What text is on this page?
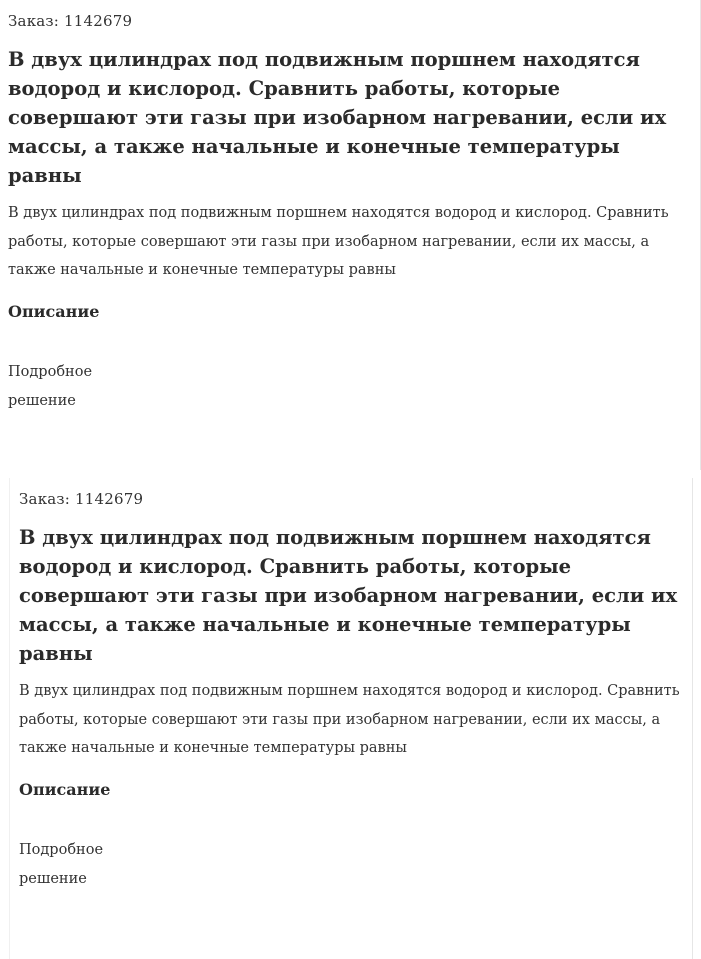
Заказ: 1142679

В двух цилиндрах под подвижным поршнем находятся водород и кислород. Сравнить работы, которые совершают эти газы при изобарном нагревании, если их массы, а также начальные и конечные температуры равны

В двух цилиндрах под подвижным поршнем находятся водород и кислород. Сравнить работы, которые совершают эти газы при изобарном нагревании, если их массы, а также начальные и конечные температуры равны

Описание
Подробное
решение

Заказ: 1142679

В двух цилиндрах под подвижным поршнем находятся водород и кислород. Сравнить работы, которые совершают эти газы при изобарном нагревании, если их массы, а также начальные и конечные температуры равны

В двух цилиндрах под подвижным поршнем находятся водород и кислород. Сравнить работы, которые совершают эти газы при изобарном нагревании, если их массы, а также начальные и конечные температуры равны

Описание
Подробное
решение
